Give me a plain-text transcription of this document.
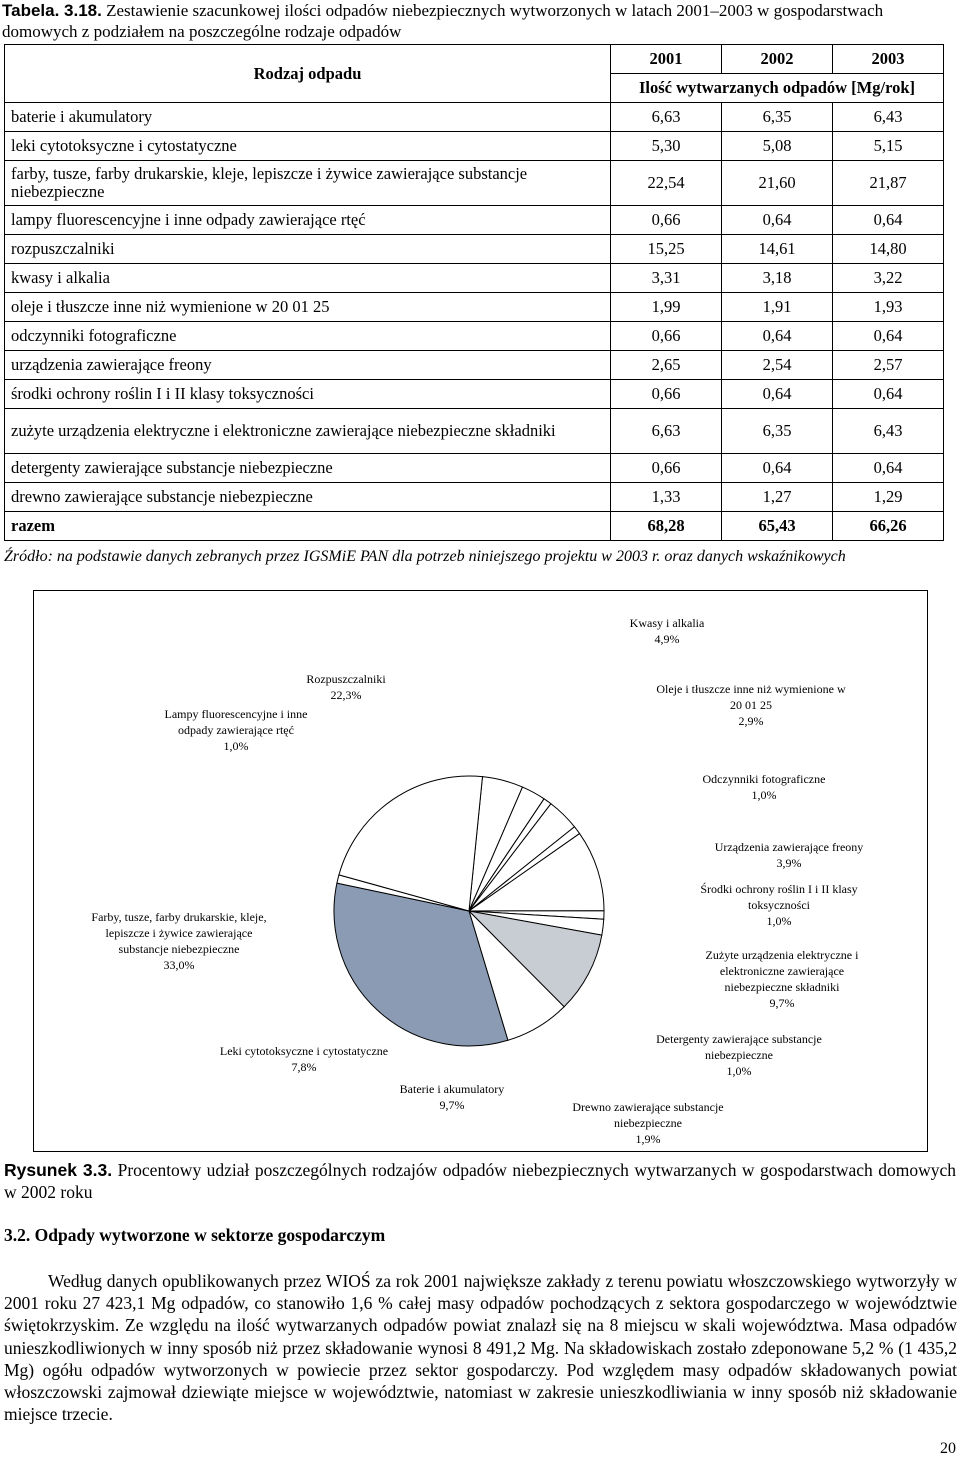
Tabela. 3.18. Zestawienie szacunkowej ilości odpadów niebezpiecznych wytworzonych w latach 2001–2003 w gospodarstwach domowych z podziałem na poszczególne rodzaje odpadów
Rodzaj odpadu	2001	2002	2003
	Ilość wytwarzanych odpadów [Mg/rok]		
baterie i akumulatory	6,63	6,35	6,43
leki cytotoksyczne i cytostatyczne	5,30	5,08	5,15
farby, tusze, farby drukarskie, kleje, lepiszcze i żywice zawierające substancje niebezpieczne	22,54	21,60	21,87
lampy fluorescencyjne i inne odpady zawierające rtęć	0,66	0,64	0,64
rozpuszczalniki	15,25	14,61	14,80
kwasy i alkalia	3,31	3,18	3,22
oleje i tłuszcze inne niż wymienione w 20 01 25	1,99	1,91	1,93
odczynniki fotograficzne	0,66	0,64	0,64
urządzenia zawierające freony	2,65	2,54	2,57
środki ochrony roślin I i II klasy toksyczności	0,66	0,64	0,64
zużyte urządzenia elektryczne i elektroniczne zawierające niebezpieczne składniki	6,63	6,35	6,43
detergenty zawierające substancje niebezpieczne	0,66	0,64	0,64
drewno zawierające substancje niebezpieczne	1,33	1,27	1,29
razem	68,28	65,43	66,26
Źródło: na podstawie danych zebranych przez IGSMiE PAN dla potrzeb niniejszego projektu w 2003 r. oraz danych wskaźnikowych
Kwasy i alkalia
4,9%
Oleje i tłuszcze inne niż wymienione w 20 01 25
2,9%
Odczynniki fotograficzne
1,0%
Urządzenia zawierające freony
3,9%
Środki ochrony roślin I i II klasy toksyczności
1,0%
Zużyte urządzenia elektryczne i elektroniczne zawierające niebezpieczne składniki
9,7%
Detergenty zawierające substancje niebezpieczne
1,0%
Drewno zawierające substancje niebezpieczne
1,9%
Baterie i akumulatory
9,7%
Leki cytotoksyczne i cytostatyczne
7,8%
Farby, tusze, farby drukarskie, kleje, lepiszcze i żywice zawierające substancje niebezpieczne
33,0%
Lampy fluorescencyjne i inne odpady zawierające rtęć
1,0%
Rozpuszczalniki
22,3%
Rysunek 3.3. Procentowy udział poszczególnych rodzajów odpadów niebezpiecznych wytwarzanych w gospodarstwach domowych w 2002 roku
3.2. Odpady wytworzone w sektorze gospodarczym
Według danych opublikowanych przez WIOŚ za rok 2001 największe zakłady z terenu powiatu włoszczowskiego wytworzyły w 2001 roku 27 423,1 Mg odpadów, co stanowiło 1,6 % całej masy odpadów pochodzących z sektora gospodarczego w województwie świętokrzyskim. Ze względu na ilość wytwarzanych odpadów powiat znalazł się na 8 miejscu w skali województwa. Masa odpadów unieszkodliwionych w inny sposób niż przez składowanie wynosi 8 491,2 Mg. Na składowiskach zostało zdeponowane 5,2 % (1 435,2 Mg) ogółu odpadów wytworzonych w powiecie przez sektor gospodarczy. Pod względem masy odpadów składowanych powiat włoszczowski zajmował dziewiąte miejsce w województwie, natomiast w zakresie unieszkodliwiania w inny sposób niż składowanie miejsce trzecie.
20
